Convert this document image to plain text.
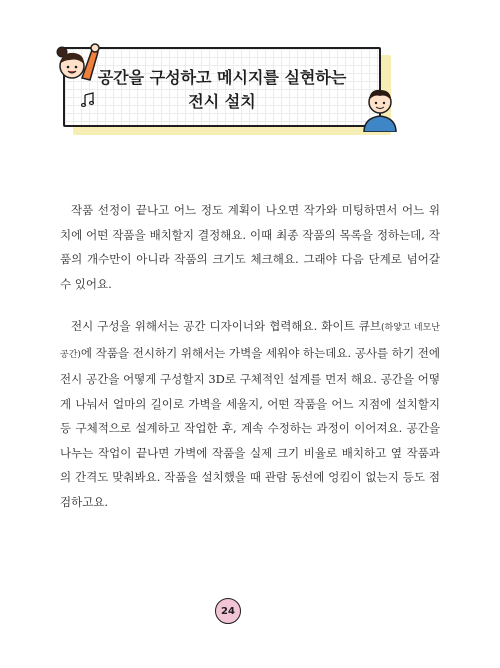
공간을 구성하고 메시지를 실현하는
전시 설치

작품 선정이 끝나고 어느 정도 계획이 나오면 작가와 미팅하면서 어느 위치에 어떤 작품을 배치할지 결정해요. 이때 최종 작품의 목록을 정하는데, 작품의 개수만이 아니라 작품의 크기도 체크해요. 그래야 다음 단계로 넘어갈 수 있어요.

전시 구성을 위해서는 공간 디자이너와 협력해요. 화이트 큐브(하얗고 네모난 공간)에 작품을 전시하기 위해서는 가벽을 세워야 하는데요. 공사를 하기 전에 전시 공간을 어떻게 구성할지 3D로 구체적인 설계를 먼저 해요. 공간을 어떻게 나눠서 얼마의 길이로 가벽을 세울지, 어떤 작품을 어느 지점에 설치할지 등 구체적으로 설계하고 작업한 후, 계속 수정하는 과정이 이어져요. 공간을 나누는 작업이 끝나면 가벽에 작품을 실제 크기 비율로 배치하고 옆 작품과의 간격도 맞춰봐요. 작품을 설치했을 때 관람 동선에 엉킴이 없는지 등도 점검하고요.

24
